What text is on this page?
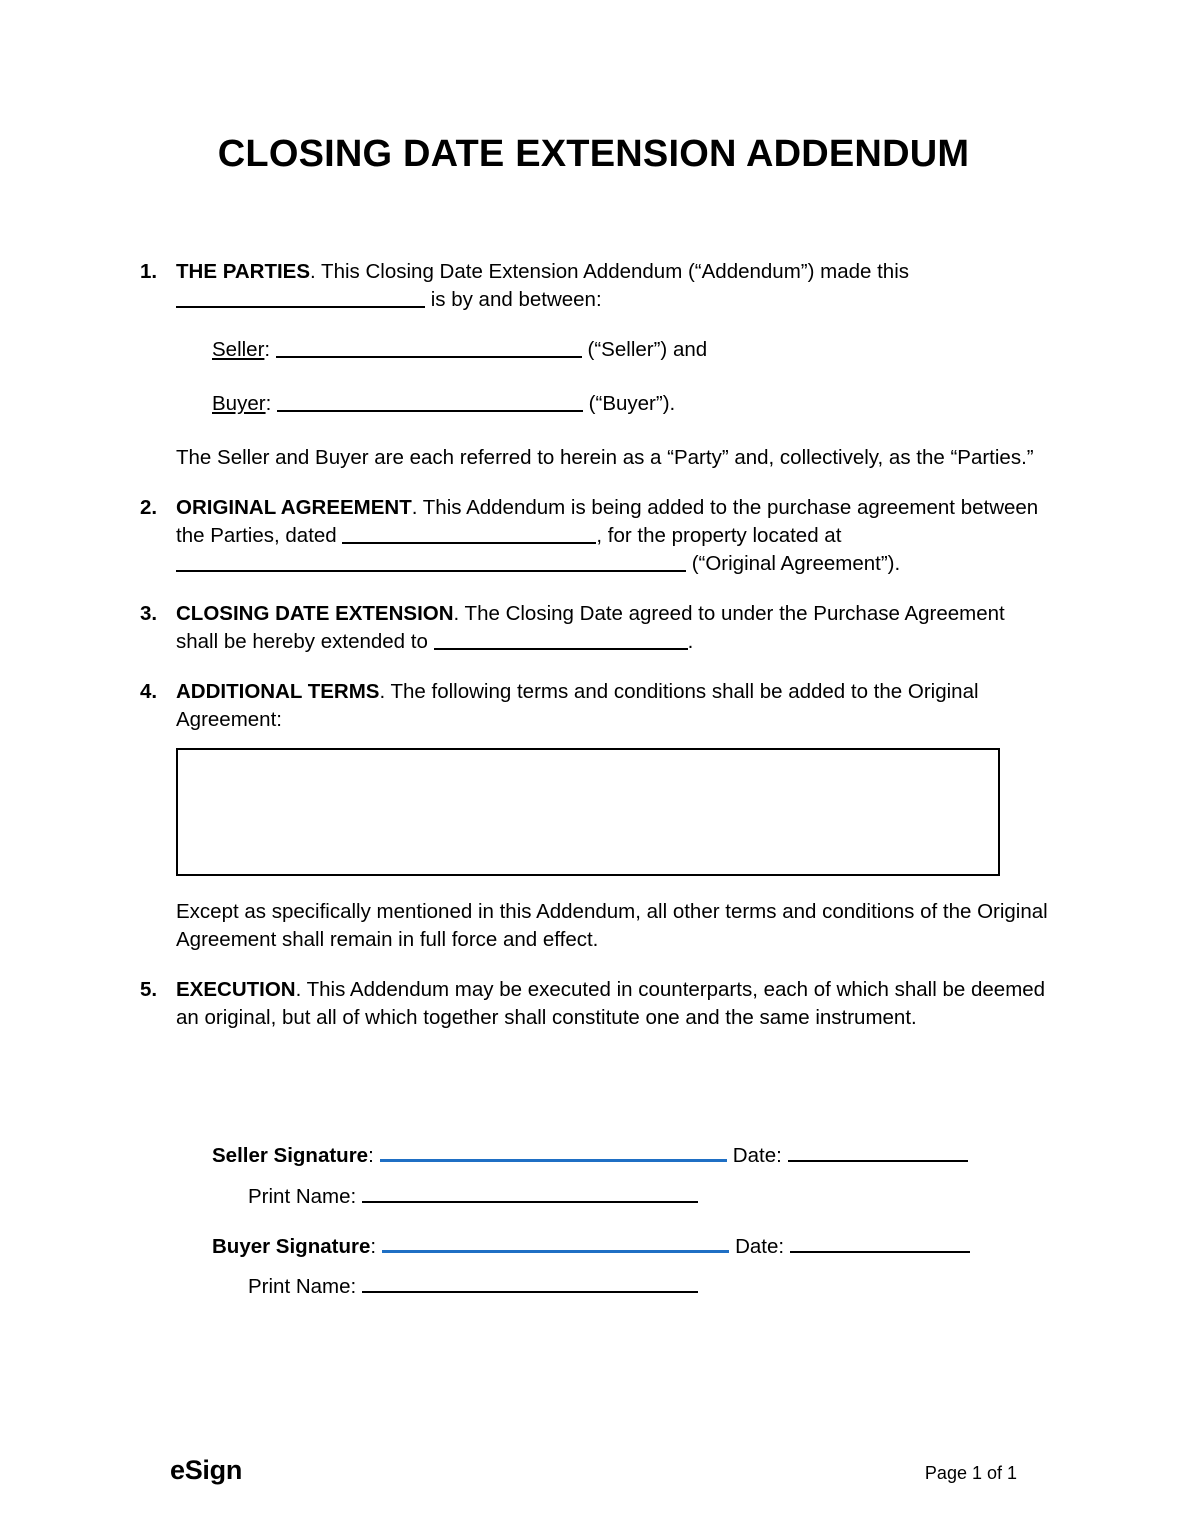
CLOSING DATE EXTENSION ADDENDUM
1. THE PARTIES. This Closing Date Extension Addendum (“Addendum”) made this
is by and between:
Seller:	(“Seller”) and
Buyer:	(“Buyer”).
The Seller and Buyer are each referred to herein as a “Party” and, collectively, as the “Parties.”
2. ORIGINAL AGREEMENT. This Addendum is being added to the purchase agreement between the Parties, dated	, for the property located at  (“Original Agreement”).
3. CLOSING DATE EXTENSION. The Closing Date agreed to under the Purchase Agreement shall be hereby extended to	.
4. ADDITIONAL TERMS. The following terms and conditions shall be added to the Original Agreement:
Except as specifically mentioned in this Addendum, all other terms and conditions of the Original Agreement shall remain in full force and effect.
5. EXECUTION. This Addendum may be executed in counterparts, each of which shall be deemed an original, but all of which together shall constitute one and the same instrument.
Seller Signature :	Date:
Print Name:
Buyer Signature :	Date:
Print Name:
eSign	Page 1 of 1
